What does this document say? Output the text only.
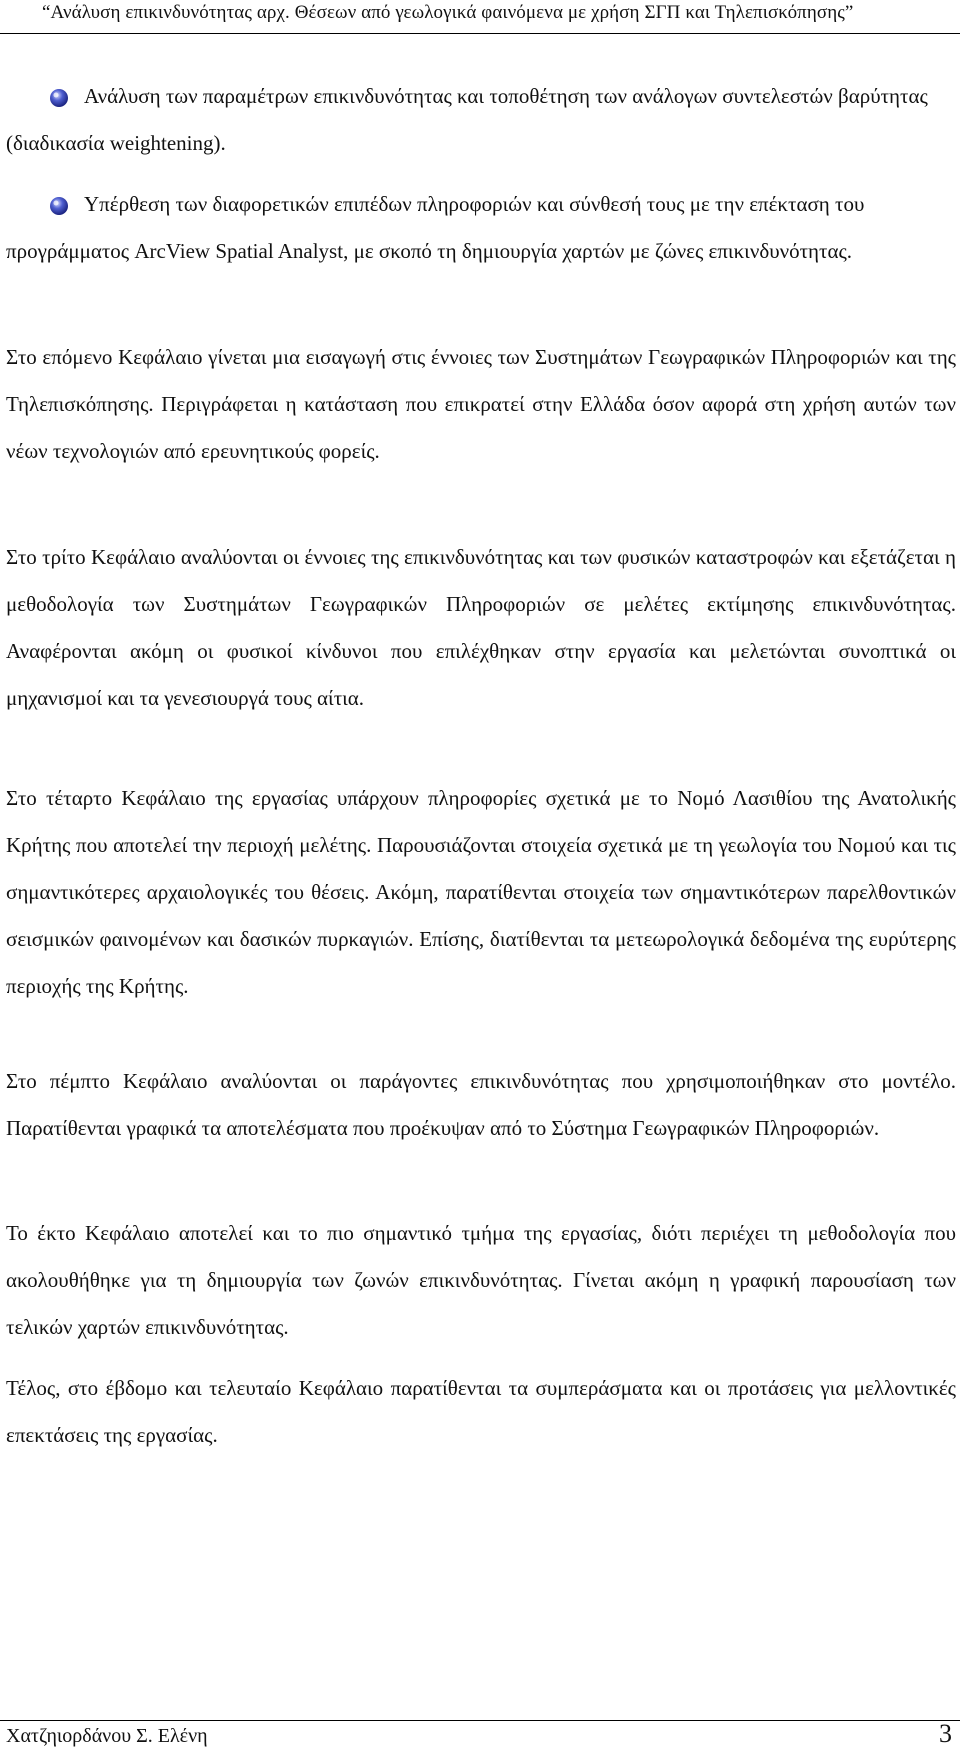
“Ανάλυση επικινδυνότητας αρχ. Θέσεων από γεωλογικά φαινόμενα με χρήση ΣΓΠ και Τηλεπισκόπησης”
Ανάλυση των παραμέτρων επικινδυνότητας και τοποθέτηση των ανάλογων συντελεστών βαρύτητας (διαδικασία weightening).
Υπέρθεση των διαφορετικών επιπέδων πληροφοριών και σύνθεσή τους με την επέκταση του προγράμματος ArcView Spatial Analyst, με σκοπό τη δημιουργία χαρτών με ζώνες επικινδυνότητας.

Στο επόμενο Κεφάλαιο γίνεται μια εισαγωγή στις έννοιες των Συστημάτων Γεωγραφικών Πληροφοριών και της Τηλεπισκόπησης. Περιγράφεται η κατάσταση που επικρατεί στην Ελλάδα όσον αφορά στη χρήση αυτών των νέων τεχνολογιών από ερευνητικούς φορείς.

Στο τρίτο Κεφάλαιο αναλύονται οι έννοιες της επικινδυνότητας και των φυσικών καταστροφών και εξετάζεται η μεθοδολογία των Συστημάτων Γεωγραφικών Πληροφοριών σε μελέτες εκτίμησης επικινδυνότητας. Αναφέρονται ακόμη οι φυσικοί κίνδυνοι που επιλέχθηκαν στην εργασία και μελετώνται συνοπτικά οι μηχανισμοί και τα γενεσιουργά τους αίτια.

Στο τέταρτο Κεφάλαιο της εργασίας υπάρχουν πληροφορίες σχετικά με το Νομό Λασιθίου της Ανατολικής Κρήτης που αποτελεί την περιοχή μελέτης. Παρουσιάζονται στοιχεία σχετικά με τη γεωλογία του Νομού και τις σημαντικότερες αρχαιολογικές του θέσεις. Ακόμη, παρατίθενται στοιχεία των σημαντικότερων παρελθοντικών σεισμικών φαινομένων και δασικών πυρκαγιών. Επίσης, διατίθενται τα μετεωρολογικά δεδομένα της ευρύτερης περιοχής της Κρήτης.

Στο πέμπτο Κεφάλαιο αναλύονται οι παράγοντες επικινδυνότητας που χρησιμοποιήθηκαν στο μοντέλο. Παρατίθενται γραφικά τα αποτελέσματα που προέκυψαν από το Σύστημα Γεωγραφικών Πληροφοριών.

Το έκτο Κεφάλαιο αποτελεί και το πιο σημαντικό τμήμα της εργασίας, διότι περιέχει τη μεθοδολογία που ακολουθήθηκε για τη δημιουργία των ζωνών επικινδυνότητας. Γίνεται ακόμη η γραφική παρουσίαση των τελικών χαρτών επικινδυνότητας.

Τέλος, στο έβδομο και τελευταίο Κεφάλαιο παρατίθενται τα συμπεράσματα και οι προτάσεις για μελλοντικές επεκτάσεις της εργασίας.

Χατζηιορδάνου Σ. Ελένη	3
